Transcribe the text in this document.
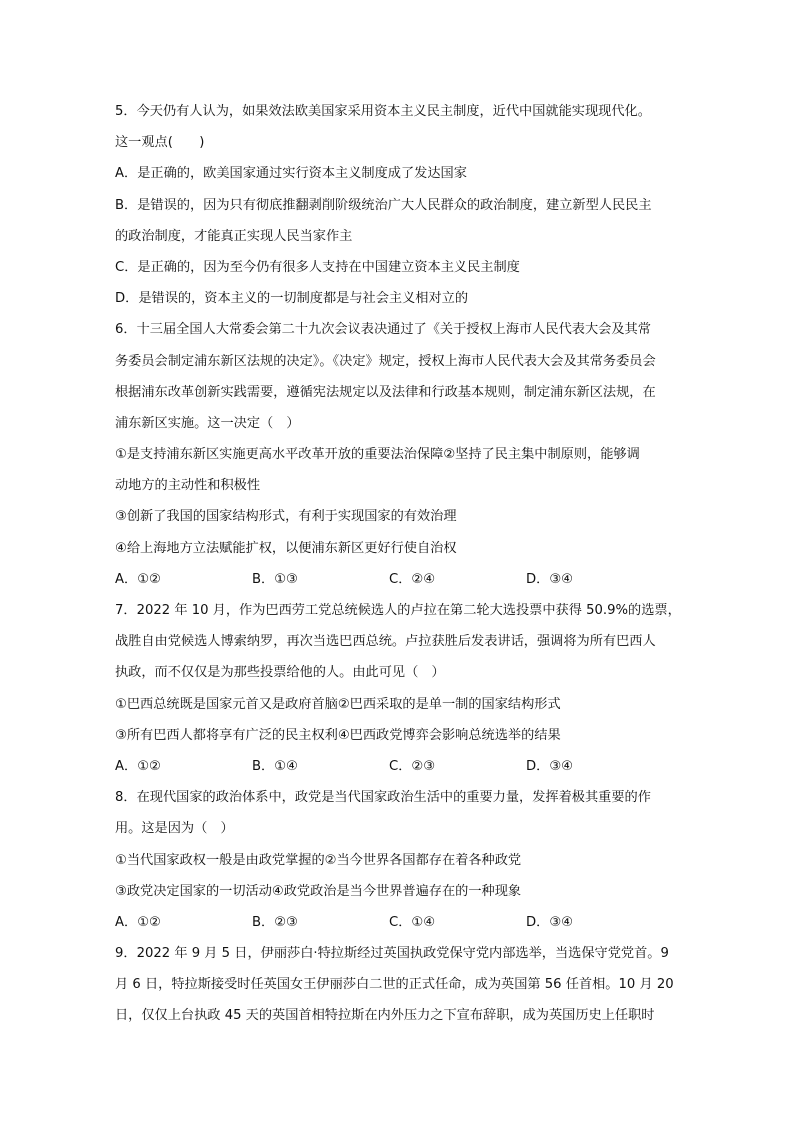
5．今天仍有人认为，如果效法欧美国家采用资本主义民主制度，近代中国就能实现现代化。
这一观点(　　)
A．是正确的，欧美国家通过实行资本主义制度成了发达国家
B．是错误的，因为只有彻底推翻剥削阶级统治广大人民群众的政治制度，建立新型人民民主
的政治制度，才能真正实现人民当家作主
C．是正确的，因为至今仍有很多人支持在中国建立资本主义民主制度
D．是错误的，资本主义的一切制度都是与社会主义相对立的
6．十三届全国人大常委会第二十九次会议表决通过了《关于授权上海市人民代表大会及其常
务委员会制定浦东新区法规的决定》。《决定》规定，授权上海市人民代表大会及其常务委员会
根据浦东改革创新实践需要，遵循宪法规定以及法律和行政基本规则，制定浦东新区法规，在
浦东新区实施。这一决定（　）
①是支持浦东新区实施更高水平改革开放的重要法治保障②坚持了民主集中制原则，能够调
动地方的主动性和积极性
③创新了我国的国家结构形式，有利于实现国家的有效治理
④给上海地方立法赋能扩权，以便浦东新区更好行使自治权
A．①②	B．①③	C．②④	D．③④
7．2022 年 10 月，作为巴西劳工党总统候选人的卢拉在第二轮大选投票中获得 50.9%的选票，
战胜自由党候选人博索纳罗，再次当选巴西总统。卢拉获胜后发表讲话，强调将为所有巴西人
执政，而不仅仅是为那些投票给他的人。由此可见（　）
①巴西总统既是国家元首又是政府首脑②巴西采取的是单一制的国家结构形式
③所有巴西人都将享有广泛的民主权利④巴西政党博弈会影响总统选举的结果
A．①②	B．①④	C．②③	D．③④
8．在现代国家的政治体系中，政党是当代国家政治生活中的重要力量，发挥着极其重要的作
用。这是因为（　）
①当代国家政权一般是由政党掌握的②当今世界各国都存在着各种政党
③政党决定国家的一切活动④政党政治是当今世界普遍存在的一种现象
A．①②	B．②③	C．①④	D．③④
9．2022 年 9 月 5 日，伊丽莎白·特拉斯经过英国执政党保守党内部选举，当选保守党党首。9
月 6 日，特拉斯接受时任英国女王伊丽莎白二世的正式任命，成为英国第 56 任首相。10 月 20
日，仅仅上台执政 45 天的英国首相特拉斯在内外压力之下宣布辞职，成为英国历史上任职时
